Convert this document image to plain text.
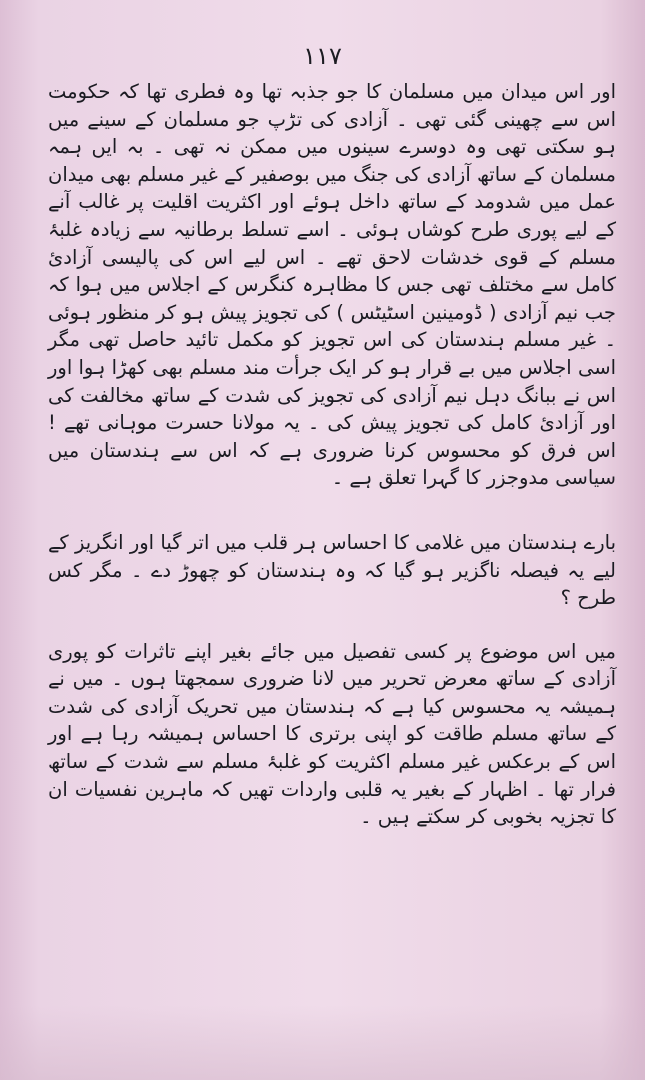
۱۱۷

اور اس میدان میں مسلمان کا جو جذبہ تھا وہ فطری تھا کہ حکومت اس سے چھینی گئی تھی ۔ آزادی کی تڑپ جو مسلمان کے سینے میں ہو سکتی تھی وہ دوسرے سینوں میں ممکن نہ تھی ۔ بہ ایں ہمہ مسلمان کے ساتھ آزادی کی جنگ میں بوصفیر کے غیر مسلم بھی میدان عمل میں شدومد کے ساتھ داخل ہوئے اور اکثریت اقلیت پر غالب آنے کے لیے پوری طرح کوشاں ہوئی ۔ اسے تسلط برطانیہ سے زیادہ غلبۂ مسلم کے قوی خدشات لاحق تھے ۔ اس لیے اس کی پالیسی آزادیٔ کامل سے مختلف تھی جس کا مظاہرہ کنگرس کے اجلاس میں ہوا کہ جب نیم آزادی ( ڈومینین اسٹیٹس ) کی تجویز پیش ہو کر منظور ہوئی ۔ غیر مسلم ہندستان کی اس تجویز کو مکمل تائید حاصل تھی مگر اسی اجلاس میں بے قرار ہو کر ایک جرأت مند مسلم بھی کھڑا ہوا اور اس نے ببانگ دہل نیم آزادی کی تجویز کی شدت کے ساتھ مخالفت کی اور آزادیٔ کامل کی تجویز پیش کی ۔ یہ مولانا حسرت موہانی تھے ! اس فرق کو محسوس کرنا ضروری ہے کہ اس سے ہندستان میں سیاسی مدوجزر کا گہرا تعلق ہے ۔

بارے ہندستان میں غلامی کا احساس ہر قلب میں اتر گیا اور انگریز کے لیے یہ فیصلہ ناگزیر ہو گیا کہ وہ ہندستان کو چھوڑ دے ۔ مگر کس طرح ؟

میں اس موضوع پر کسی تفصیل میں جائے بغیر اپنے تاثرات کو پوری آزادی کے ساتھ معرض تحریر میں لانا ضروری سمجھتا ہوں ۔ میں نے ہمیشہ یہ محسوس کیا ہے کہ ہندستان میں تحریک آزادی کی شدت کے ساتھ مسلم طاقت کو اپنی برتری کا احساس ہمیشہ رہا ہے اور اس کے برعکس غیر مسلم اکثریت کو غلبۂ مسلم سے شدت کے ساتھ فرار تھا ۔ اظہار کے بغیر یہ قلبی واردات تھیں کہ ماہرین نفسیات ان کا تجزیہ بخوبی کر سکتے ہیں ۔
